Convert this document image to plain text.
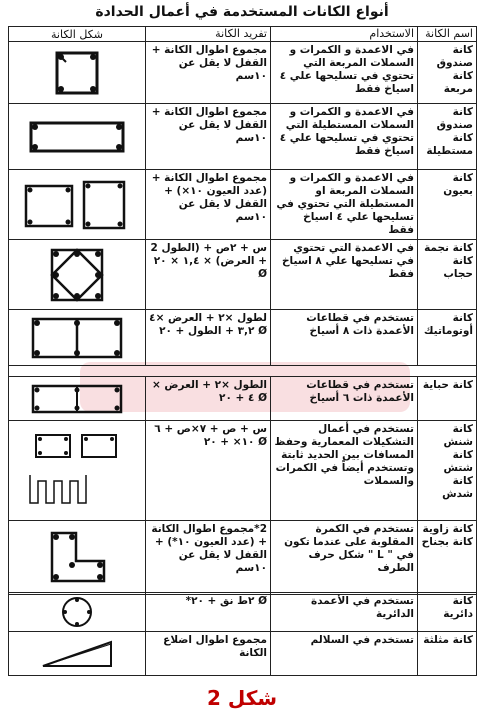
أنواع الكانات المستخدمة في أعمال الحدادة
اسم الكانة	الاستخدام	تفريد الكانة	شكل الكانة
كانة صندوق كانة مربعة	في الاعمدة و الكمرات و السملات المربعة التي تحتوي في تسليحها علي ٤ اسياخ فقط	مجموع اطوال الكانة + القفل لا يقل عن ١٠سم	

كانة صندوق كانة مستطيلة	في الاعمدة و الكمرات و السملات المستطيلة التي تحتوي في تسليحها علي ٤ اسياخ فقط	مجموع اطوال الكانة + القفل لا يقل عن ١٠سم	

كانة بعيون	في الاعمدة و الكمرات و السملات المربعة او المستطيلة التي تحتوي في تسليحها علي ٤ اسياخ فقط	مجموع اطوال الكانة + (عدد العيون ١٠×) + القفل لا يقل عن ١٠سم	

كانة نجمة كانة حجاب	في الاعمدة التي تحتوي في تسليحها علي ٨ اسياخ فقط	س + ٢ص + (الطول 2 + العرض) × ١,٤ × ٢٠ Ø	

كانة أوتوماتيك	تستخدم في قطاعات الأعمدة ذات ٨ أسياخ	لطول ×٢ + العرض ×٤ Ø ٣,٢ + الطول + ٢٠	

كانة حباية	تستخدم في قطاعات الأعمدة ذات ٦ أسياخ	الطول ×٢ + العرض × Ø ٤ + ٢٠	

كانة شنش كانة شتش كانة شدش	تستخدم في أعمال التشكيلات المعمارية وحفظ المسافات بين الحديد ثابتة وتستخدم أيضاً في الكمرات والسملات	س + ص + ٧×ص + ٦ Ø ١٠× + ٢٠	

كانة زاوية كانة بجناح	تستخدم في الكمرة المقلوبة على عندما تكون في " L " شكل حرف الطرف	2*مجموع اطوال الكانة + (عدد العيون ١٠*) + القفل لا يقل عن ١٠سم	
كانة دائرية	تستخدم في الأعمدة الدائرية	Ø ٢ط نق + ٢٠*	

كانة مثلثة	تستخدم في السلالم	مجموع اطوال اضلاع الكانة	
شكل 2
